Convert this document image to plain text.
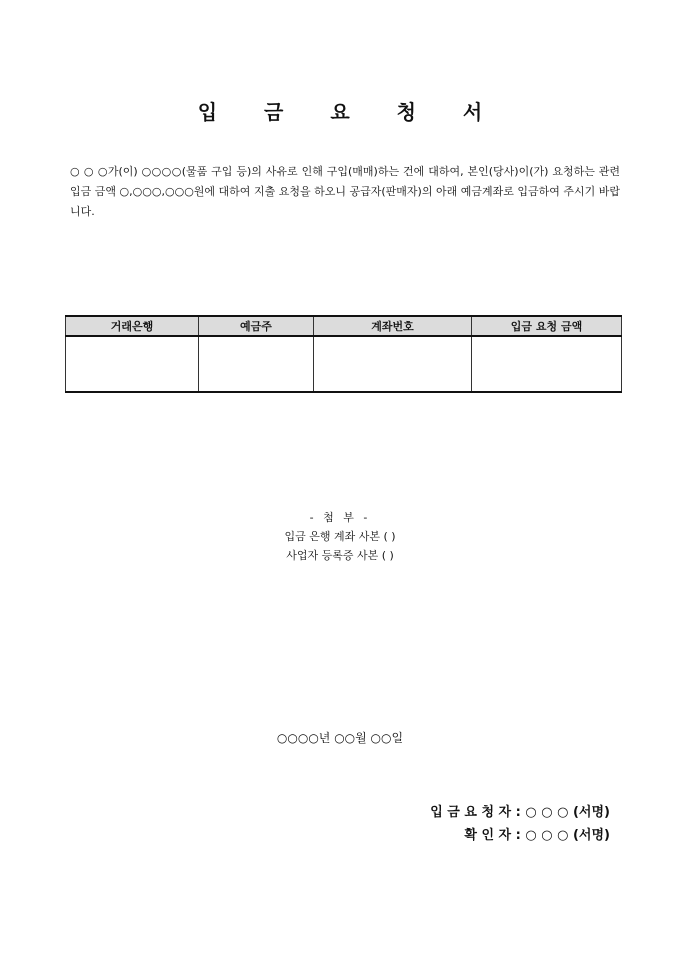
입 금 요 청 서
○ ○ ○가(이) ○○○○(물품 구입 등)의 사유로 인해 구입(매매)하는 건에 대하여, 본인(당사)이(가) 요청하는 관련 입금 금액 ○,○○○,○○○원에 대하여 지출 요청을 하오니 공급자(판매자)의 아래 예금계좌로 입금하여 주시기 바랍니다.
거래은행	예금주	계좌번호	입금 요청 금액

- 첨 부 -
입금 은행 계좌 사본 ( )
사업자 등록증 사본 ( )
○○○○년 ○○월 ○○일
입 금 요 청 자 : ○ ○ ○ (서명)
확 인 자 : ○ ○ ○ (서명)
